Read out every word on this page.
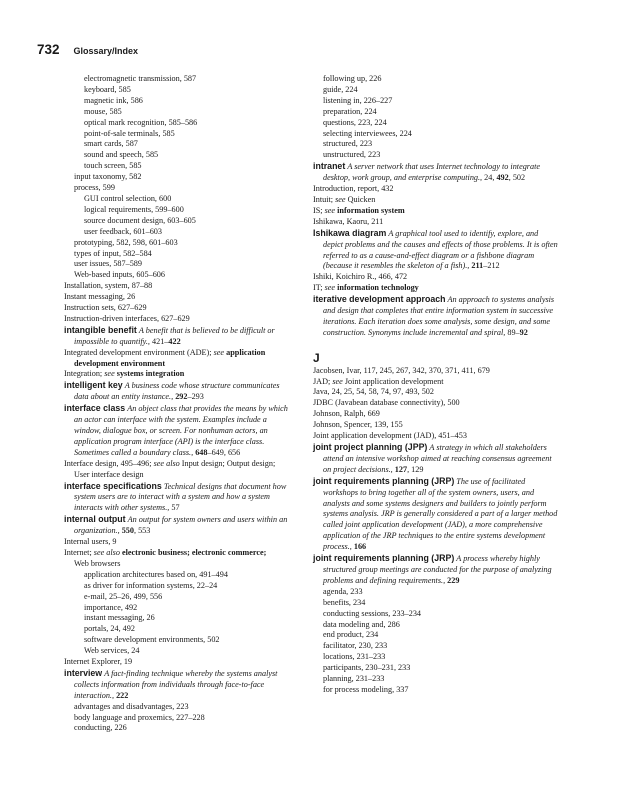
732 Glossary/Index
electromagnetic transmission, 587
keyboard, 585
magnetic ink, 586
mouse, 585
optical mark recognition, 585–586
point-of-sale terminals, 585
smart cards, 587
sound and speech, 585
touch screen, 585
input taxonomy, 582
process, 599
GUI control selection, 600
logical requirements, 599–600
source document design, 603–605
user feedback, 601–603
prototyping, 582, 598, 601–603
types of input, 582–584
user issues, 587–589
Web-based inputs, 605–606
Installation, system, 87–88
Instant messaging, 26
Instruction sets, 627–629
Instruction-driven interfaces, 627–629
intangible benefit A benefit that is believed to be difficult or impossible to quantify., 421–422
Integrated development environment (ADE); see application development environment
Integration; see systems integration
intelligent key A business code whose structure communicates data about an entity instance., 292–293
interface class An object class that provides the means by which an actor can interface with the system. Examples include a window, dialogue box, or screen. For nonhuman actors, an application program interface (API) is the interface class. Sometimes called a boundary class., 648–649, 656
Interface design, 495–496; see also Input design; Output design; User interface design
interface specifications Technical designs that document how system users are to interact with a system and how a system interacts with other systems., 57
internal output An output for system owners and users within an organization., 550, 553
Internal users, 9
Internet; see also electronic business; electronic commerce;
Web browsers
application architectures based on, 491–494
as driver for information systems, 22–24
e-mail, 25–26, 499, 556
importance, 492
instant messaging, 26
portals, 24, 492
software development environments, 502
Web services, 24
Internet Explorer, 19
interview A fact-finding technique whereby the systems analyst collects information from individuals through face-to-face interaction., 222
advantages and disadvantages, 223
body language and proxemics, 227–228
conducting, 226
following up, 226
guide, 224
listening in, 226–227
preparation, 224
questions, 223, 224
selecting interviewees, 224
structured, 223
unstructured, 223
intranet A server network that uses Internet technology to integrate desktop, work group, and enterprise computing., 24, 492, 502
Introduction, report, 432
Intuit; see Quicken
IS; see information system
Ishikawa, Kaoru, 211
Ishikawa diagram A graphical tool used to identify, explore, and depict problems and the causes and effects of those problems. It is often referred to as a cause-and-effect diagram or a fishbone diagram (because it resembles the skeleton of a fish)., 211–212
Ishiki, Koichiro R., 466, 472
IT; see information technology
iterative development approach An approach to systems analysis and design that completes that entire information system in successive iterations. Each iteration does some analysis, some design, and some construction. Synonyms include incremental and spiral, 89–92
J
Jacobsen, Ivar, 117, 245, 267, 342, 370, 371, 411, 679
JAD; see Joint application development
Java, 24, 25, 54, 58, 74, 97, 493, 502
JDBC (Javabean database connectivity), 500
Johnson, Ralph, 669
Johnson, Spencer, 139, 155
Joint application development (JAD), 451–453
joint project planning (JPP) A strategy in which all stakeholders attend an intensive workshop aimed at reaching consensus agreement on project decisions., 127, 129
joint requirements planning (JRP) The use of facilitated workshops to bring together all of the system owners, users, and analysts and some systems designers and builders to jointly perform systems analysis. JRP is generally considered a part of a larger method called joint application development (JAD), a more comprehensive application of the JRP techniques to the entire systems development process., 166
joint requirements planning (JRP) A process whereby highly structured group meetings are conducted for the purpose of analyzing problems and defining requirements., 229
agenda, 233
benefits, 234
conducting sessions, 233–234
data modeling and, 286
end product, 234
facilitator, 230, 233
locations, 231–233
participants, 230–231, 233
planning, 231–233
for process modeling, 337
